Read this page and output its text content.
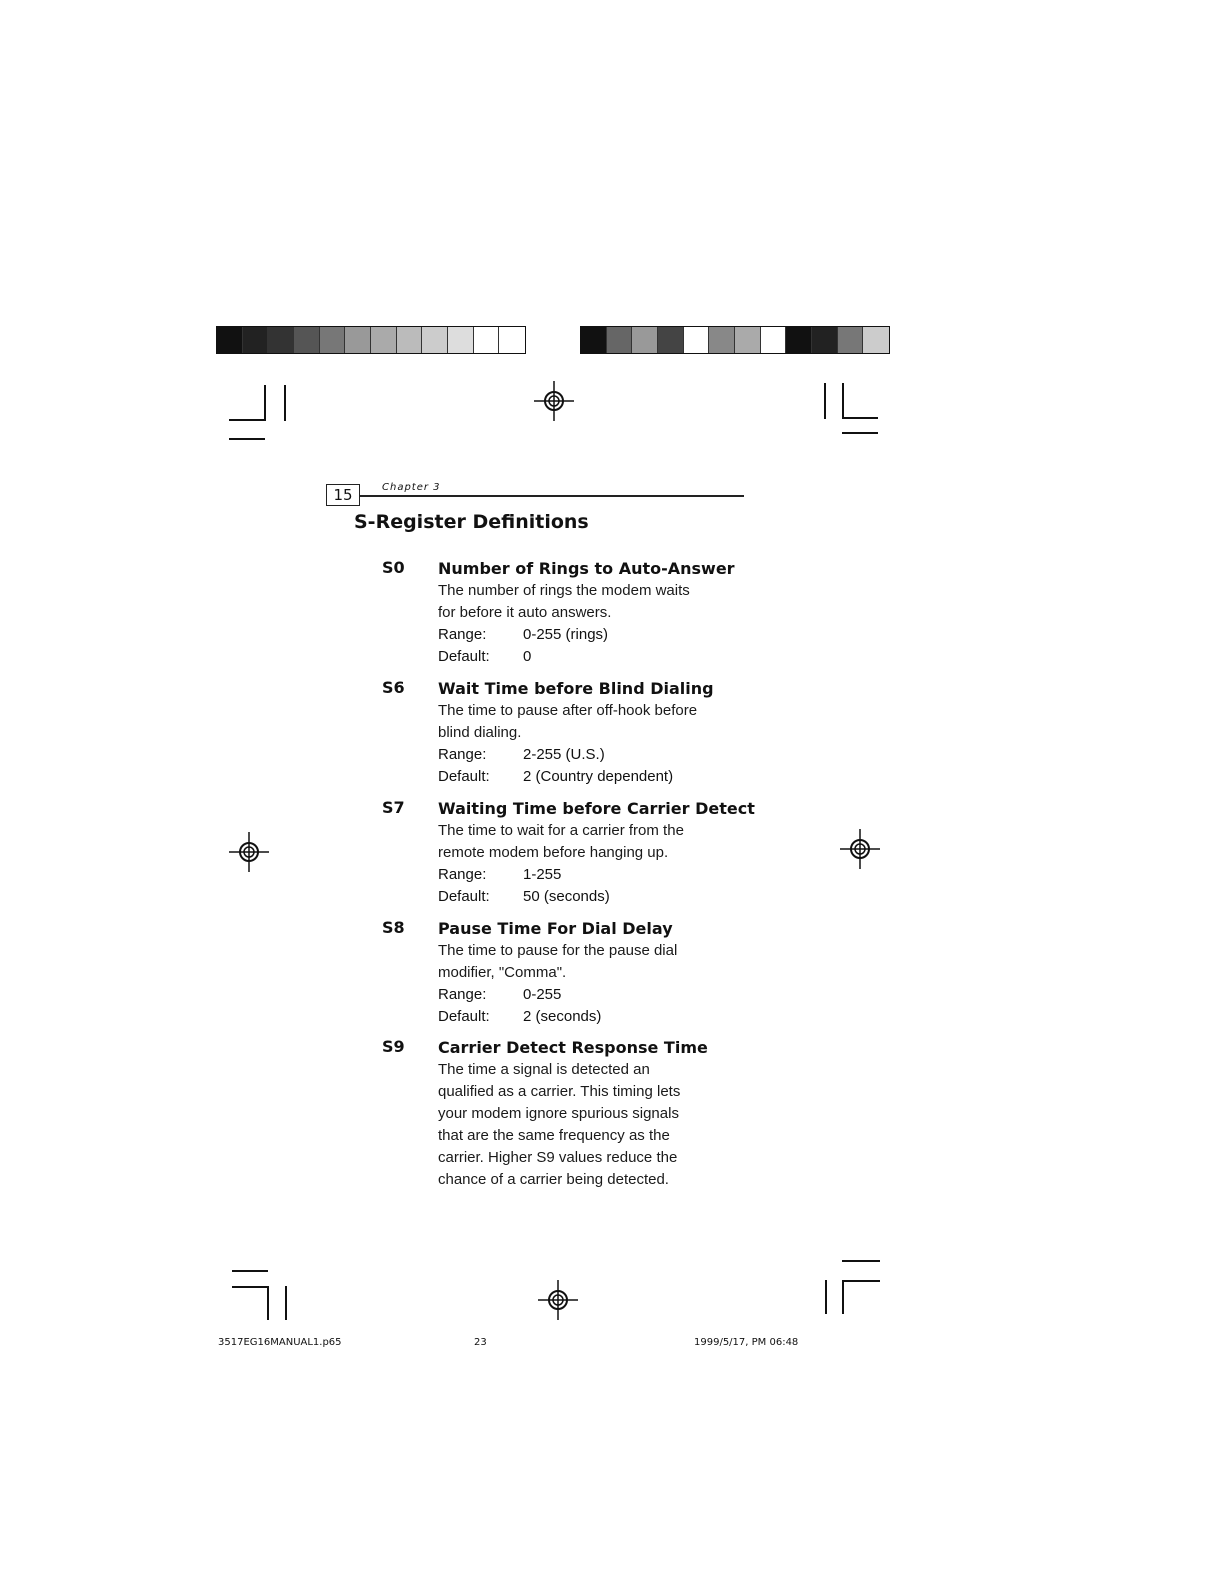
15	Chapter 3
S-Register Definitions
S0 Number of Rings to Auto-Answer
The number of rings the modem waits
for before it auto answers.
Range:	0-255 (rings)
Default:	0
S6 Wait Time before Blind Dialing
The time to pause after off-hook before
blind dialing.
Range:	2-255 (U.S.)
Default:	2 (Country dependent)
S7 Waiting Time before Carrier Detect
The time to wait for a carrier from the
remote modem before hanging up.
Range:	1-255
Default:	50 (seconds)
S8 Pause Time For Dial Delay
The time to pause for the pause dial
modifier, "Comma".
Range:	0-255
Default:	2 (seconds)
S9 Carrier Detect Response Time
The time a signal is detected an
qualified as a carrier. This timing lets
your modem ignore spurious signals
that are the same frequency as the
carrier. Higher S9 values reduce the
chance of a carrier being detected.
3517EG16MANUAL1.p65	23	1999/5/17, PM 06:48
